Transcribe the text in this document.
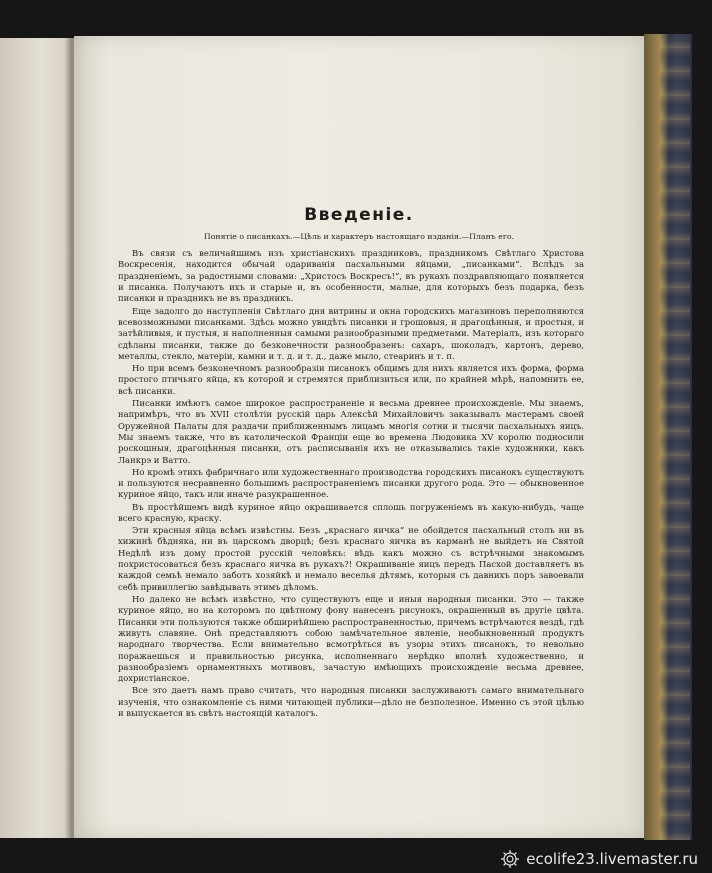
Введеніе.

Понятіе о писанкахъ.—Цѣль и характеръ настоящаго изданія.—Планъ его.

Въ связи съ величайшимъ изъ христіанскихъ праздниковъ, праздникомъ Свѣтлаго Христова Воскресенія, находится обычай одариванія пасхальными яйцами, „писанками“. Вслѣдъ за праздненіемъ, за радостными словами: „Христосъ Воскресъ!“, въ рукахъ поздравляющаго появляется и писанка. Получаютъ ихъ и старые и, въ особенности, малые, для которыхъ безъ подарка, безъ писанки и праздникъ не въ праздникъ.

Еще задолго до наступленія Свѣтлаго дня витрины и окна городскихъ магазиновъ переполняются всевозможными писанками. Здѣсь можно увидѣть писанки и грошовыя, и драгоцѣнныя, и простыя, и затѣйливыя, и пустыя, и наполненныя самыми разнообразными предметами. Матеріалъ, изъ котораго сдѣланы писанки, также до безконечности разнообразенъ: сахаръ, шоколадъ, картонъ, дерево, металлы, стекло, матеріи, камни и т. д. и т. д., даже мыло, стеаринъ и т. п.

Но при всемъ безконечномъ разнообразіи писанокъ общимъ для нихъ является ихъ форма, форма простого птичьяго яйца, къ которой и стремятся приблизиться или, по крайней мѣрѣ, напомнить ее, всѣ писанки.

Писанки имѣютъ самое широкое распространеніе и весьма древнее происхожденіе. Мы знаемъ, напримѣръ, что въ XVII столѣтіи русскій царь Алексѣй Михайловичъ заказывалъ мастерамъ своей Оружейной Палаты для раздачи приближеннымъ лицамъ многія сотни и тысячи пасхальныхъ яицъ. Мы знаемъ также, что въ католической Франціи еще во времена Людовика XV королю подносили роскошныя, драгоцѣнныя писанки, отъ расписыванія ихъ не отказывались такіе художники, какъ Ланкрэ и Ватто.

Но кромѣ этихъ фабричнаго или художественнаго производства городскихъ писанокъ существуютъ и пользуются несравненно большимъ распространеніемъ писанки другого рода. Это — обыкновенное куриное яйцо, такъ или иначе разукрашенное.

Въ простѣйшемъ видѣ куриное яйцо окрашивается сплошь погруженіемъ въ какую-нибудь, чаще всего красную, краску.

Эти красныя яйца всѣмъ извѣстны. Безъ „краснаго яичка“ не обойдется пасхальный столъ ни въ хижинѣ бѣдняка, ни въ царскомъ дворцѣ; безъ краснаго яичка въ карманѣ не выйдетъ на Святой Недѣлѣ изъ дому простой русскій человѣкъ: вѣдь какъ можно съ встрѣчными знакомымъ похристосоваться безъ краснаго яичка въ рукахъ?! Окрашиваніе яицъ передъ Пасхой доставляетъ въ каждой семьѣ немало заботъ хозяйкѣ и немало веселья дѣтямъ, которыя съ давнихъ поръ завоевали себѣ привиллегію завѣдывать этимъ дѣломъ.

Но далеко не всѣмъ извѣстно, что существуютъ еще и иныя народныя писанки. Это — также куриное яйцо, но на которомъ по цвѣтному фону нанесенъ рисунокъ, окрашенный въ другіе цвѣта. Писанки эти пользуются также обширнѣйшею распространенностью, причемъ встрѣчаются вездѣ, гдѣ живутъ славяне. Онѣ представляютъ собою замѣчательное явленіе, необыкновенный продуктъ народнаго творчества. Если внимательно всмотрѣться въ узоры этихъ писанокъ, то невольно поражаешься и правильностью рисунка, исполненнаго нерѣдко вполнѣ художественно, и разнообразіемъ орнаментныхъ мотивовъ, зачастую имѣющихъ происхожденіе весьма древнее, дохристіанское.

Все это даетъ намъ право считать, что народныя писанки заслуживаютъ самаго внимательнаго изученія, что ознакомленіе съ ними читающей публики—дѣло не безполезное. Именно съ этой цѣлью и выпускается въ свѣтъ настоящій каталогъ.

ecolife23.livemaster.ru
